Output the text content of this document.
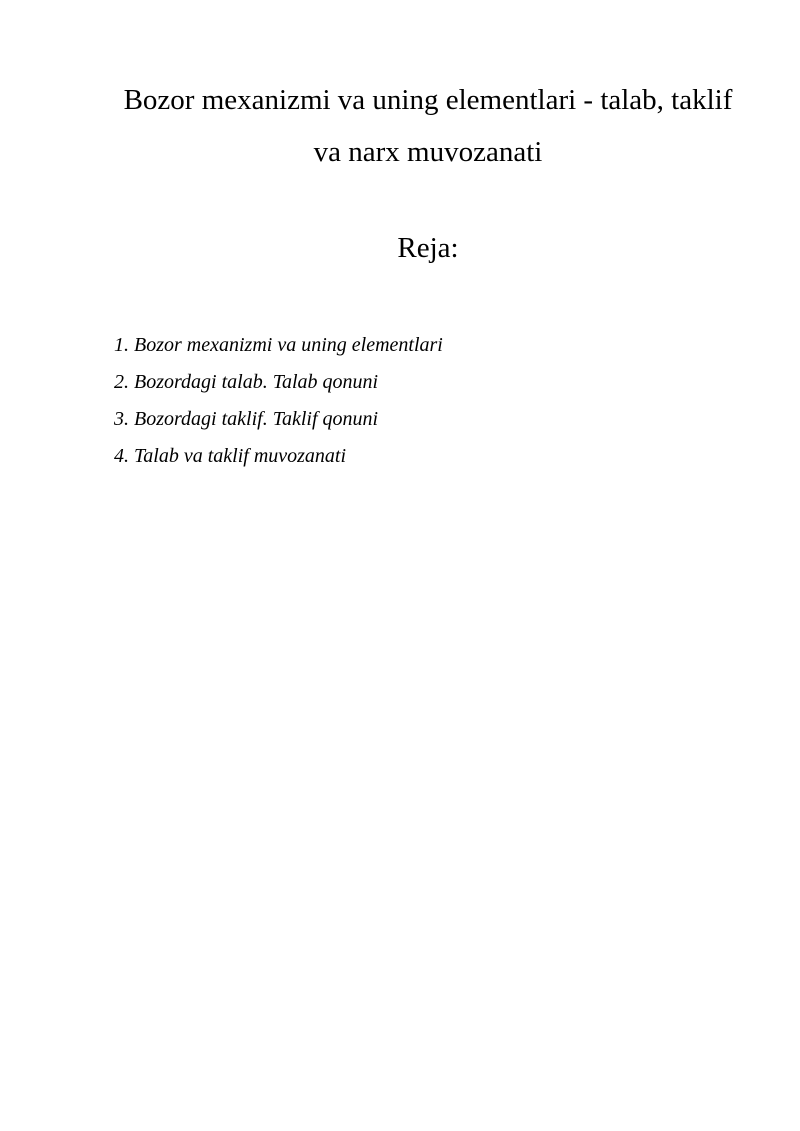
Bozor mexanizmi va uning elementlari - talab, taklif
va narx muvozanati
Reja:
1. Bozor mexanizmi va uning elementlari
2. Bozordagi talab. Talab qonuni
3. Bozordagi taklif. Taklif qonuni
4. Talab va taklif muvozanati
